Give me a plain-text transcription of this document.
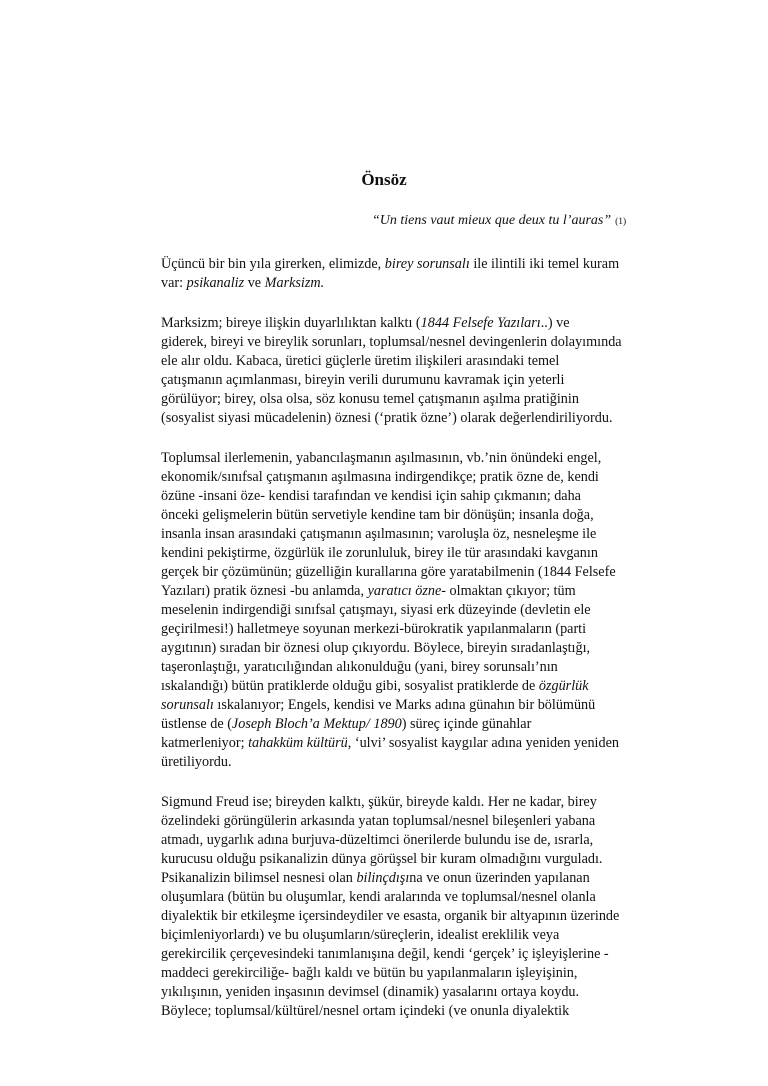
Önsöz
“Un tiens vaut mieux que deux tu l’auras” (1)

Üçüncü bir bin yıla girerken, elimizde, birey sorunsalı ile ilintili iki temel kuram
var: psikanaliz ve Marksizm.

Marksizm; bireye ilişkin duyarlılıktan kalktı (1844 Felsefe Yazıları..) ve
giderek, bireyi ve bireylik sorunları, toplumsal/nesnel devingenlerin dolayımında
ele alır oldu. Kabaca, üretici güçlerle üretim ilişkileri arasındaki temel
çatışmanın açımlanması, bireyin verili durumunu kavramak için yeterli
görülüyor; birey, olsa olsa, söz konusu temel çatışmanın aşılma pratiğinin
(sosyalist siyasi mücadelenin) öznesi (‘pratik özne’) olarak değerlendiriliyordu.

Toplumsal ilerlemenin, yabancılaşmanın aşılmasının, vb.’nin önündeki engel,
ekonomik/sınıfsal çatışmanın aşılmasına indirgendikçe; pratik özne de, kendi
özüne -insani öze- kendisi tarafından ve kendisi için sahip çıkmanın; daha
önceki gelişmelerin bütün servetiyle kendine tam bir dönüşün; insanla doğa,
insanla insan arasındaki çatışmanın aşılmasının; varoluşla öz, nesneleşme ile
kendini pekiştirme, özgürlük ile zorunluluk, birey ile tür arasındaki kavganın
gerçek bir çözümünün; güzelliğin kurallarına göre yaratabilmenin (1844 Felsefe
Yazıları) pratik öznesi -bu anlamda, yaratıcı özne- olmaktan çıkıyor; tüm
meselenin indirgendiği sınıfsal çatışmayı, siyasi erk düzeyinde (devletin ele
geçirilmesi!) halletmeye soyunan merkezi-bürokratik yapılanmaların (parti
aygıtının) sıradan bir öznesi olup çıkıyordu. Böylece, bireyin sıradanlaştığı,
taşeronlaştığı, yaratıcılığından alıkonulduğu (yani, birey sorunsalı’nın
ıskalandığı) bütün pratiklerde olduğu gibi, sosyalist pratiklerde de özgürlük
sorunsalı ıskalanıyor; Engels, kendisi ve Marks adına günahın bir bölümünü
üstlense de (Joseph Bloch’a Mektup/ 1890) süreç içinde günahlar
katmerleniyor; tahakküm kültürü, ‘ulvi’ sosyalist kaygılar adına yeniden yeniden
üretiliyordu.

Sigmund Freud ise; bireyden kalktı, şükür, bireyde kaldı. Her ne kadar, birey
özelindeki görüngülerin arkasında yatan toplumsal/nesnel bileşenleri yabana
atmadı, uygarlık adına burjuva-düzeltimci önerilerde bulundu ise de, ısrarla,
kurucusu olduğu psikanalizin dünya görüşsel bir kuram olmadığını vurguladı.
Psikanalizin bilimsel nesnesi olan bilinçdışına ve onun üzerinden yapılanan
oluşumlara (bütün bu oluşumlar, kendi aralarında ve toplumsal/nesnel olanla
diyalektik bir etkileşme içersindeydiler ve esasta, organik bir altyapının üzerinde
biçimleniyorlardı) ve bu oluşumların/süreçlerin, idealist ereklilik veya
gerekircilik çerçevesindeki tanımlanışına değil, kendi ‘gerçek’ iç işleyişlerine -
maddeci gerekirciliğe- bağlı kaldı ve bütün bu yapılanmaların işleyişinin,
yıkılışının, yeniden inşasının devimsel (dinamik) yasalarını ortaya koydu.
Böylece; toplumsal/kültürel/nesnel ortam içindeki (ve onunla diyalektik
